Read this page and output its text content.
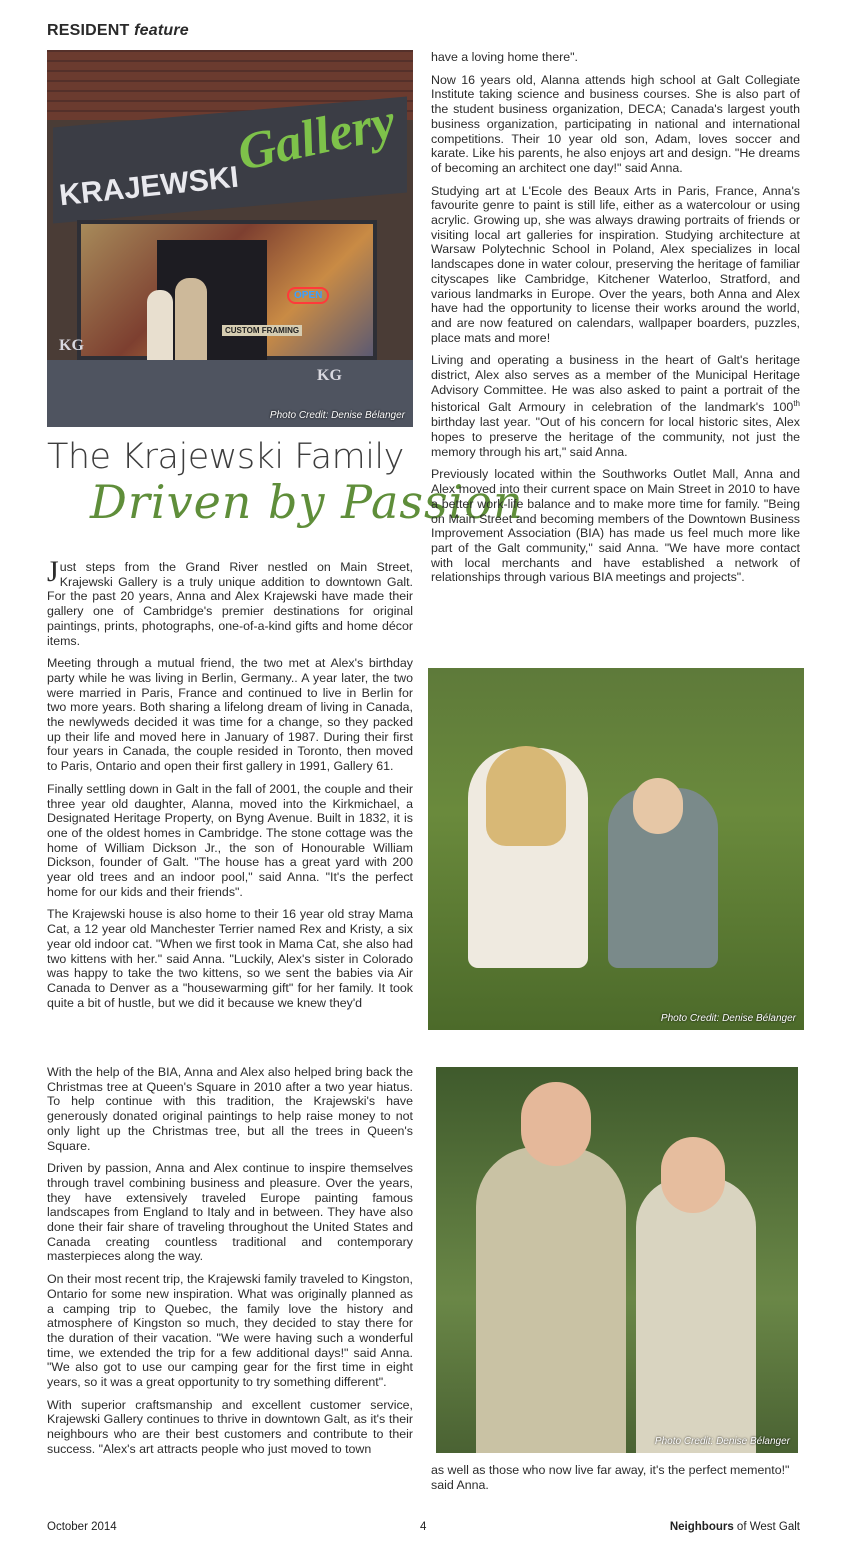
RESIDENT feature
KRAJEWSKI
Gallery
OPEN
CUSTOM FRAMING
KG
KG
Photo Credit: Denise Bélanger
The Krajewski Family
Driven by Passion

Just steps from the Grand River nestled on Main Street, Krajewski Gallery is a truly unique addition to downtown Galt. For the past 20 years, Anna and Alex Krajewski have made their gallery one of Cambridge's premier destinations for original paintings, prints, photographs, one-of-a-kind gifts and home décor items.

Meeting through a mutual friend, the two met at Alex's birthday party while he was living in Berlin, Germany.. A year later, the two were married in Paris, France and continued to live in Berlin for two more years. Both sharing a lifelong dream of living in Canada, the newlyweds decided it was time for a change, so they packed up their life and moved here in January of 1987. During their first four years in Canada, the couple resided in Toronto, then moved to Paris, Ontario and open their first gallery in 1991, Gallery 61.

Finally settling down in Galt in the fall of 2001, the couple and their three year old daughter, Alanna, moved into the Kirkmichael, a Designated Heritage Property, on Byng Avenue. Built in 1832, it is one of the oldest homes in Cambridge. The stone cottage was the home of William Dickson Jr., the son of Honourable William Dickson, founder of Galt. "The house has a great yard with 200 year old trees and an indoor pool," said Anna. "It's the perfect home for our kids and their friends".

The Krajewski house is also home to their 16 year old stray Mama Cat, a 12 year old Manchester Terrier named Rex and Kristy, a six year old indoor cat. "When we first took in Mama Cat, she also had two kittens with her." said Anna. "Luckily, Alex's sister in Colorado was happy to take the two kittens, so we sent the babies via Air Canada to Denver as a "housewarming gift" for her family. It took quite a bit of hustle, but we did it because we knew they'd

With the help of the BIA, Anna and Alex also helped bring back the Christmas tree at Queen's Square in 2010 after a two year hiatus. To help continue with this tradition, the Krajewski's have generously donated original paintings to help raise money to not only light up the Christmas tree, but all the trees in Queen's Square.

Driven by passion, Anna and Alex continue to inspire themselves through travel combining business and pleasure. Over the years, they have extensively traveled Europe painting famous landscapes from England to Italy and in between. They have also done their fair share of traveling throughout the United States and Canada creating countless traditional and contemporary masterpieces along the way.

On their most recent trip, the Krajewski family traveled to Kingston, Ontario for some new inspiration. What was originally planned as a camping trip to Quebec, the family love the history and atmosphere of Kingston so much, they decided to stay there for the duration of their vacation. "We were having such a wonderful time, we extended the trip for a few additional days!" said Anna. "We also got to use our camping gear for the first time in eight years, so it was a great opportunity to try something different".

With superior craftsmanship and excellent customer service, Krajewski Gallery continues to thrive in downtown Galt, as it's their neighbours who are their best customers and contribute to their success. "Alex's art attracts people who just moved to town

have a loving home there".

Now 16 years old, Alanna attends high school at Galt Collegiate Institute taking science and business courses. She is also part of the student business organization, DECA; Canada's largest youth business organization, participating in national and international competitions. Their 10 year old son, Adam, loves soccer and karate. Like his parents, he also enjoys art and design. "He dreams of becoming an architect one day!" said Anna.

Studying art at L'Ecole des Beaux Arts in Paris, France, Anna's favourite genre to paint is still life, either as a watercolour or using acrylic. Growing up, she was always drawing portraits of friends or visiting local art galleries for inspiration. Studying architecture at Warsaw Polytechnic School in Poland, Alex specializes in local landscapes done in water colour, preserving the heritage of familiar cityscapes like Cambridge, Kitchener Waterloo, Stratford, and various landmarks in Europe. Over the years, both Anna and Alex have had the opportunity to license their works around the world, and are now featured on calendars, wallpaper boarders, puzzles, place mats and more!

Living and operating a business in the heart of Galt's heritage district, Alex also serves as a member of the Municipal Heritage Advisory Committee. He was also asked to paint a portrait of the historical Galt Armoury in celebration of the landmark's 100th birthday last year. "Out of his concern for local historic sites, Alex hopes to preserve the heritage of the community, not just the memory through his art," said Anna.

Previously located within the Southworks Outlet Mall, Anna and Alex moved into their current space on Main Street in 2010 to have a better work-life balance and to make more time for family. "Being on Main Street and becoming members of the Downtown Business Improvement Association (BIA) has made us feel much more like part of the Galt community," said Anna. "We have more contact with local merchants and have established a network of relationships through various BIA meetings and projects".

Photo Credit: Denise Bélanger
Photo Credit: Denise Bélanger

as well as those who now live far away, it's the perfect memento!" said Anna.

October 2014	4	Neighbours of West Galt
